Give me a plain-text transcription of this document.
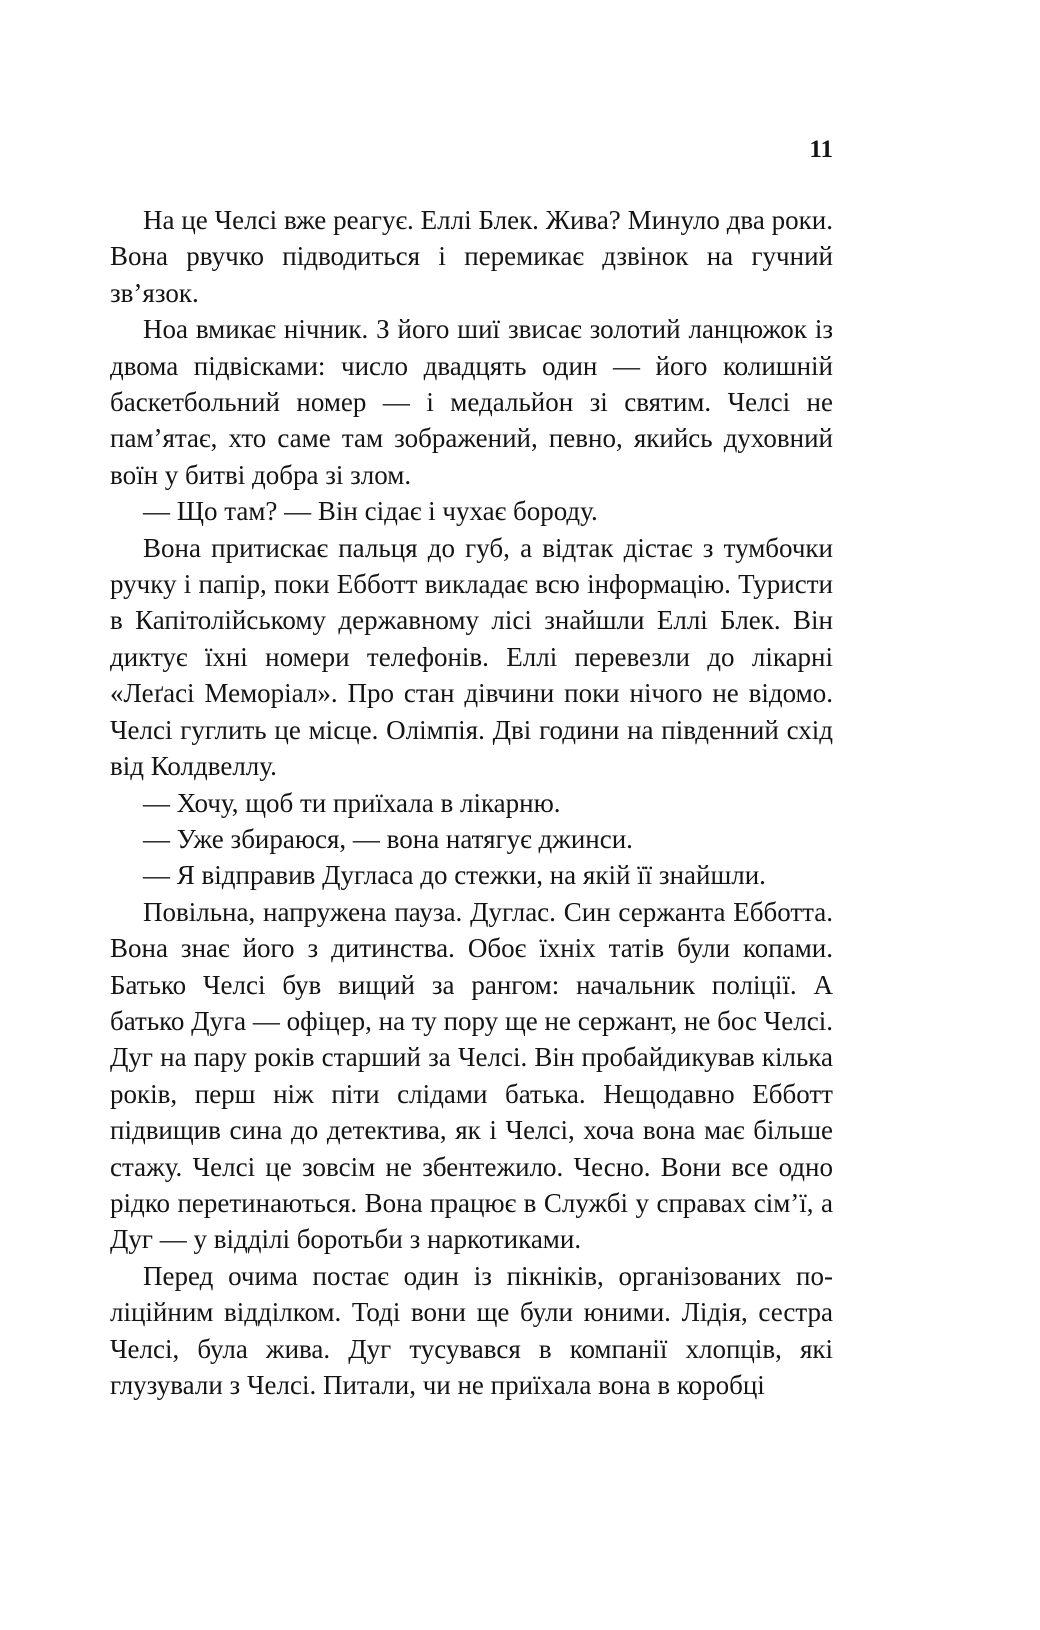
11

На це Челсі вже реагує. Еллі Блек. Жива? Минуло два роки. Вона рвучко підводиться і перемикає дзвінок на гучний зв’язок.

Ноа вмикає нічник. З його шиї звисає золотий ланцюжок із двома підвісками: число двадцять один — його колишній баскетбольний номер — і медальйон зі святим. Челсі не пам’ятає, хто саме там зображений, певно, якийсь духовний воїн у битві добра зі злом.

— Що там? — Він сідає і чухає бороду.

Вона притискає пальця до губ, а відтак дістає з тумбочки ручку і папір, поки Ебботт викладає всю інформацію. Туристи в Капітолійському державному лісі знайшли Еллі Блек. Він диктує їхні номери телефонів. Еллі перевезли до лікарні «Леґасі Меморіал». Про стан дівчини поки нічого не відомо. Челсі гуглить це місце. Олімпія. Дві години на південний схід від Колдвеллу.

— Хочу, щоб ти приїхала в лікарню.

— Уже збираюся, — вона натягує джинси.

— Я відправив Дугласа до стежки, на якій її знайшли.

Повільна, напружена пауза. Дуглас. Син сержанта Ебботта. Вона знає його з дитинства. Обоє їхніх татів були копами. Батько Челсі був вищий за рангом: начальник поліції. А батько Дуга — офіцер, на ту пору ще не сержант, не бос Челсі. Дуг на пару років старший за Челсі. Він пробайдикував кілька років, перш ніж піти слідами батька. Нещодавно Ебботт підвищив сина до детектива, як і Челсі, хоча вона має більше стажу. Челсі це зовсім не збентежило. Чесно. Вони все одно рідко перетинаються. Вона працює в Службі у справах сім’ї, а Дуг — у відділі боротьби з наркотиками.

Перед очима постає один із пікніків, організованих поліційним відділком. Тоді вони ще були юними. Лідія, сестра Челсі, була жива. Дуг тусувався в компанії хлопців, які глузували з Челсі. Питали, чи не приїхала вона в коробці
